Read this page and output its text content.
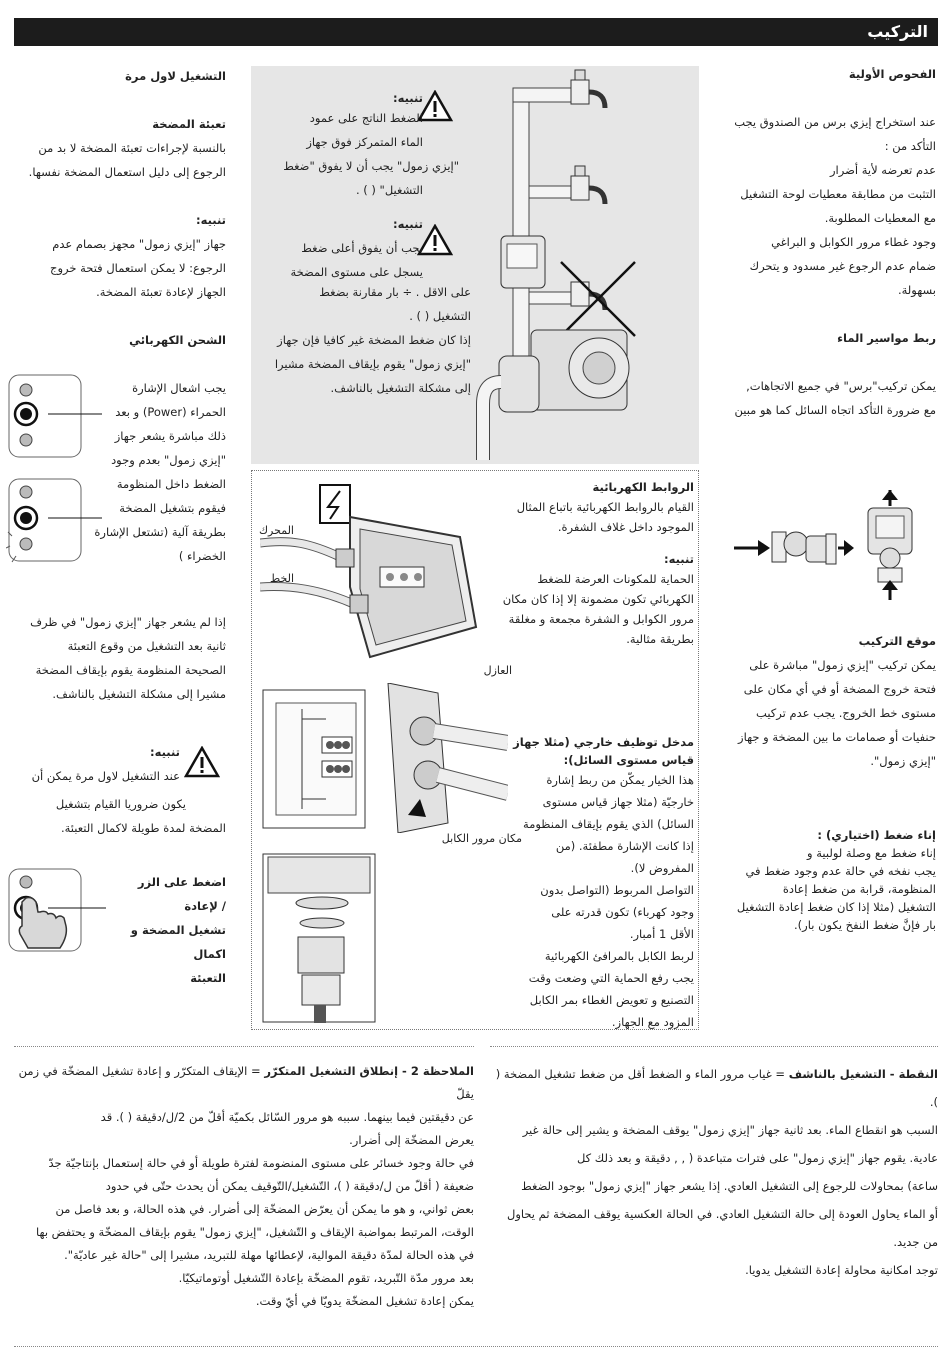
التركيب
الفحوص الأولية
عند استخراج إيزي برس من الصندوق يجب
التأكد من :
عدم تعرضه لأية أضرار
التثبت من مطابقة معطيات لوحة التشغيل
مع المعطيات المطلوبة.
وجود غطاء مرور الكوابل و البراغي
ضمام عدم الرجوع غير مسدود و يتحرك
بسهولة.
ربط مواسير الماء
يمكن تركيب"برس" في جميع الاتجاهات,
مع ضرورة التأكد اتجاه السائل كما هو مبين
موقع التركيب
يمكن تركيب "إيزي زمول" مباشرة على
فتحة خروج المضخة أو في أي مكان على
مستوى خط الخروج. يجب عدم تركيب
حنفيات أو صمامات ما بين المضخة و جهاز
"إيزي زمول".
إناء ضغط (اختياري) :
إناء ضغط مع وصلة لولبية و
يجب نفخه في حالة عدم وجود ضغط في
المنظومة، قرابة من ضغط إعادة
التشغيل (مثلا إذا كان ضغط إعادة التشغيل
بار فإنَّ ضغط النفخ يكون بار).
تنبيه:
الضغط الناتج على عمود
الماء المتمركز فوق جهاز
"إيزي زمول" يجب أن لا يفوق "ضغط
التشغيل" ( ) .
تنبيه:
يجب أن يفوق أعلى ضغط
يسجل على مستوى المضخة
على الاقل . ÷ بار مقارنة بضغط
التشغيل ( ) .
إذا كان ضغط المضخة غير كافيا فإن جهاز
"إيزي زمول" يقوم بإيقاف المضخة مشيرا
إلى مشكلة التشغيل بالناشف.
المحرك
الخط
الروابط الكهربائية
القيام بالروابط الكهربائية باتباع المثال
الموجود داخل غلاف الشفرة.
تنبيه:
الحماية للمكونات العرضة للضغط
الكهربائي تكون مضمونة إلا إذا كان مكان
مرور الكوابل و الشفرة مجمعة و مغلقة
بطريقة مثالية.
العازل
مكان مرور الكابل
مدخل توظيف خارجي (مثلا جهاز قياس مستوى السائل):
هذا الخيار يمكّن من ربط إشارة
خارجيّة (مثلا جهاز قياس مستوى
السائل) الذي يقوم بإيقاف المنظومة
إذا كانت الإشارة مطفئة. (من
المفروض لا).
التواصل المربوط (التواصل بدون
وجود كهرباء) تكون قدرته على
الأقل 1 أمبار.
لربط الكابل بالمرافئ الكهربائية
يجب رفع الحماية التي وضعت وقت
التصنيع و تعويض الغطاء بمر الكابل
المزود مع الجهاز.
التشغيل لاول مرة
تعبئة المضخة
بالنسبة لإجراءات تعبئة المضخة لا بد من
الرجوع إلى دليل استعمال المضخة نفسها.
تنبيه:
جهاز "إيزي زمول" مجهز بصمام عدم
الرجوع: لا يمكن استعمال فتحة خروج
الجهاز لإعادة تعبئة المضخة.
الشحن الكهربائي
يجب اشعال الإشارة
الحمراء (Power) و بعد
ذلك مباشرة يشعر جهاز
"إيزي زمول" بعدم وجود
الضغط داخل المنظومة
فيقوم بتشغيل المضخة
بطريقة آلية (تشتعل الإشارة
الخضراء )
إذا لم يشعر جهاز "إيزي زمول" في ظرف
ثانية بعد التشغيل من وقوع التعبئة
الصحيحة المنظومة يقوم بإيقاف المضخة
مشيرا إلى مشكلة التشغيل بالناشف.
تنبيه:
عند التشغيل لاول مرة يمكن أن
يكون ضروريا القيام بتشغيل
المضخة لمدة طويلة لاكمال التعبئة.
اضغط على الزر
/ لإعادة
تشغيل المضخة و اكمال
التعبئة
النقطة - التشغيل بالناشف = غياب مرور الماء و الضغط أقل من ضغط تشغيل المضخة ( ).
السبب هو انقطاع الماء. بعد ثانية جهاز "إيزي زمول" يوقف المضخة و يشير إلى حالة غير
عادية. يقوم جهاز "إيزي زمول" على فترات متباعدة ( , , دقيقة و بعد ذلك كل
ساعة) بمحاولات للرجوع إلى التشغيل العادي. إذا يشعر جهاز "إيزي زمول" بوجود الضغط
أو الماء يحاول العودة إلى حالة التشغيل العادي. في الحالة العكسية يوقف المضخة ثم يحاول
من جديد.
توجد امكانية محاولة إعادة التشغيل يدويا.
الملاحظة 2 - إنطلاق التشغيل المتكرّر = الإيقاف المتكرّر و إعادة تشغيل المضخّة في زمن يقلّ
عن دقيقتين فيما بينهما. سببه هو مرور السّائل بكميّة أقلّ من 2/ل/دقيقة ( ). قد
يعرض المضخّة إلى أضرار.
في حالة وجود خسائر على مستوى المنضومة لفترة طويلة أو في حالة إستعمال بإنتاجيّة جدّ
ضعيفة ( أقلّ من ل/دقيقة ( )، التّشغيل/التّوقيف يمكن أن يحدث حتّى في حدود
بعض ثواني، و هو ما يمكن أن يعرّض المضخّة إلى أضرار. في هذه الحالة، و بعد فاصل من
الوقت، المرتبط بمواضبة الإيقاف و التّشغيل، "إيزي زمول" يقوم بإيقاف المضخّة و يحتفض بها
في هذه الحالة لمدّة دقيقة الموالية، لإعطائها مهلة للتبريد، مشيرا إلى "حالة غير عاديّة".
بعد مرور مدّة التّبريد، تقوم المضخّة بإعادة التّشغيل أوتوماتيكيّا.
يمكن إعادة تشغيل المضخّة يدويّا في أيّ وقت.
